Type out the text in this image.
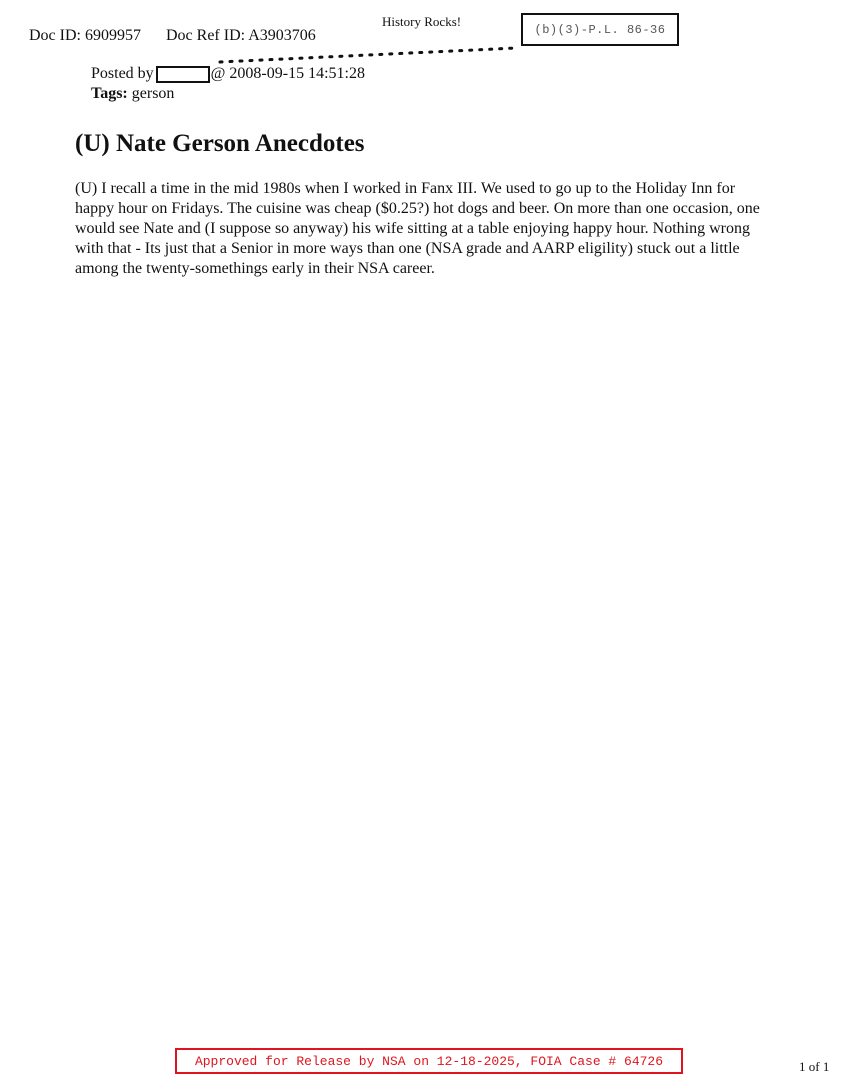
Doc ID: 6909957 Doc Ref ID: A3903706
History Rocks!
(b)(3)-P.L. 86-36
Posted by	@ 2008-09-15 14:51:28
Tags: gerson
(U) Nate Gerson Anecdotes

(U) I recall a time in the mid 1980s when I worked in Fanx III. We used to go up to the Holiday Inn for happy hour on Fridays. The cuisine was cheap ($0.25?) hot dogs and beer. On more than one occasion, one would see Nate and (I suppose so anyway) his wife sitting at a table enjoying happy hour. Nothing wrong with that - Its just that a Senior in more ways than one (NSA grade and AARP eligility) stuck out a little among the twenty-somethings early in their NSA career.

Approved for Release by NSA on 12-18-2025, FOIA Case # 64726	1 of 1
